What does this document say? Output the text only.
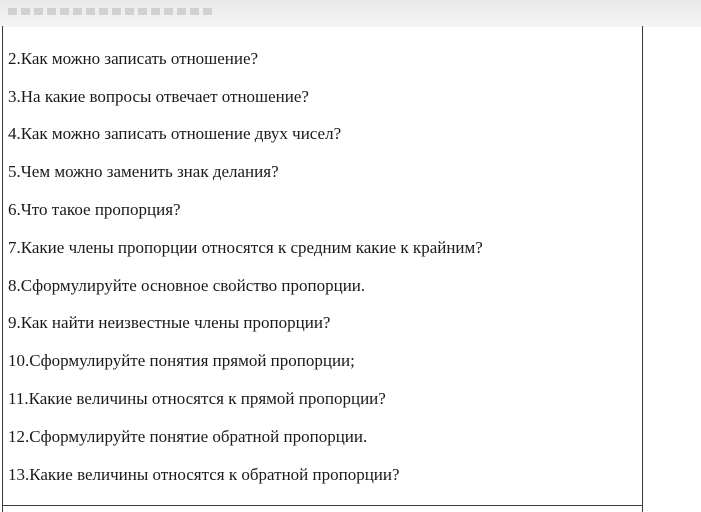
2.Как можно записать отношение?
3.На какие вопросы отвечает отношение?
4.Как можно записать отношение двух чисел?
5.Чем можно заменить знак делания?
6.Что такое пропорция?
7.Какие члены пропорции относятся к средним какие к крайним?
8.Сформулируйте основное свойство пропорции.
9.Как найти неизвестные члены пропорции?
10.Сформулируйте понятия прямой пропорции;
11.Какие величины относятся к прямой пропорции?
12.Сформулируйте понятие обратной пропорции.
13.Какие величины относятся к обратной пропорции?
